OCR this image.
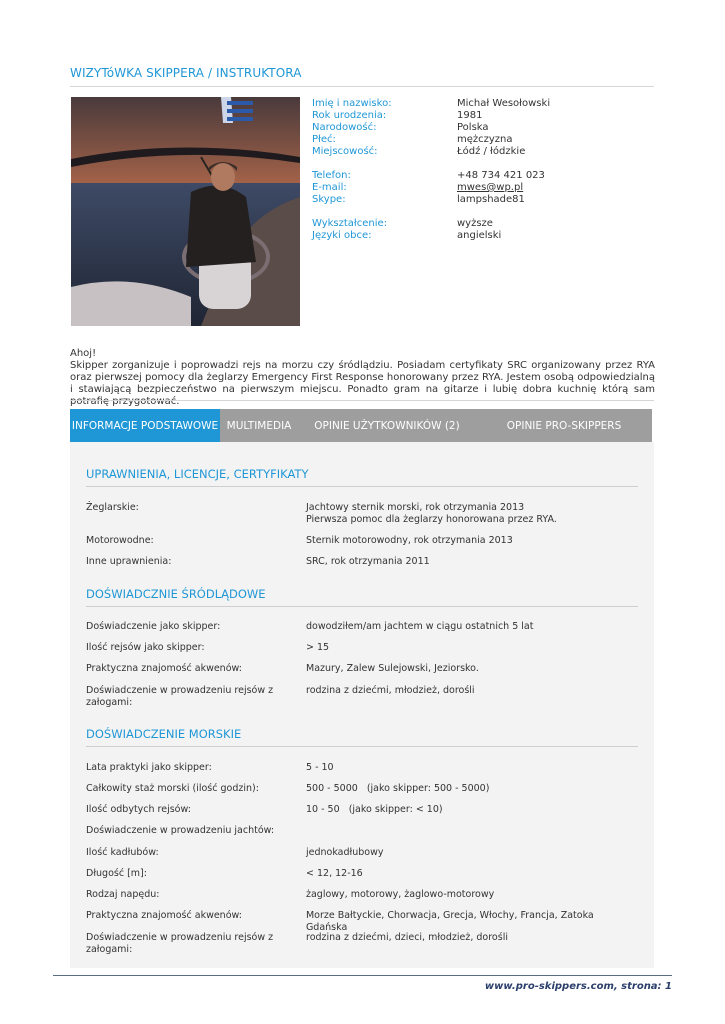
WIZYTóWKA SKIPPERA / INSTRUKTORA
Imię i nazwisko:	Michał Wesołowski
Rok urodzenia:	1981
Narodowość:	Polska
Płeć:	mężczyzna
Miejscowość:	Łódź / łódzkie
Telefon:	+48 734 421 023
E-mail:	mwes@wp.pl
Skype:	lampshade81
Wykształcenie:	wyższe
Języki obce:	angielski
Ahoj!
Skipper zorganizuje i poprowadzi rejs na morzu czy śródlądziu. Posiadam certyfikaty SRC organizowany przez RYA oraz pierwszej pomocy dla żeglarzy Emergency First Response honorowany przez RYA. Jestem osobą odpowiedzialną i stawiającą bezpieczeństwo na pierwszym miejscu. Ponadto gram na gitarze i lubię dobra kuchnię którą sam potrafię przygotować.
INFORMACJE PODSTAWOWE MULTIMEDIA OPINIE UŻYTKOWNIKÓW (2)	OPINIE PRO-SKIPPERS
UPRAWNIENIA, LICENCJE, CERTYFIKATY
Żeglarskie:	Jachtowy sternik morski, rok otrzymania 2013
Pierwsza pomoc dla żeglarzy honorowana przez RYA.
Motorowodne:	Sternik motorowodny, rok otrzymania 2013
Inne uprawnienia:	SRC, rok otrzymania 2011
DOŚWIADCZNIE ŚRÓDLĄDOWE
Doświadczenie jako skipper:	dowodziłem/am jachtem w ciągu ostatnich 5 lat
Ilość rejsów jako skipper:	> 15
Praktyczna znajomość akwenów:	Mazury, Zalew Sulejowski, Jeziorsko.
Doświadczenie w prowadzeniu rejsów z
załogami:
rodzina z dziećmi, młodzież, dorośli
DOŚWIADCZENIE MORSKIE
Lata praktyki jako skipper:	5 - 10
Całkowity staż morski (ilość godzin):	500 - 5000   (jako skipper: 500 - 5000)
Ilość odbytych rejsów:	10 - 50   (jako skipper: < 10)
Doświadczenie w prowadzeniu jachtów:
Ilość kadłubów:	jednokadłubowy
Długość [m]:	< 12, 12-16
Rodzaj napędu:	żaglowy, motorowy, żaglowo-motorowy
Praktyczna znajomość akwenów:	Morze Bałtyckie, Chorwacja, Grecja, Włochy, Francja, Zatoka Gdańska
Doświadczenie w prowadzeniu rejsów z
załogami:
rodzina z dziećmi, dzieci, młodzież, dorośli
www.pro-skippers.com, strona: 1
